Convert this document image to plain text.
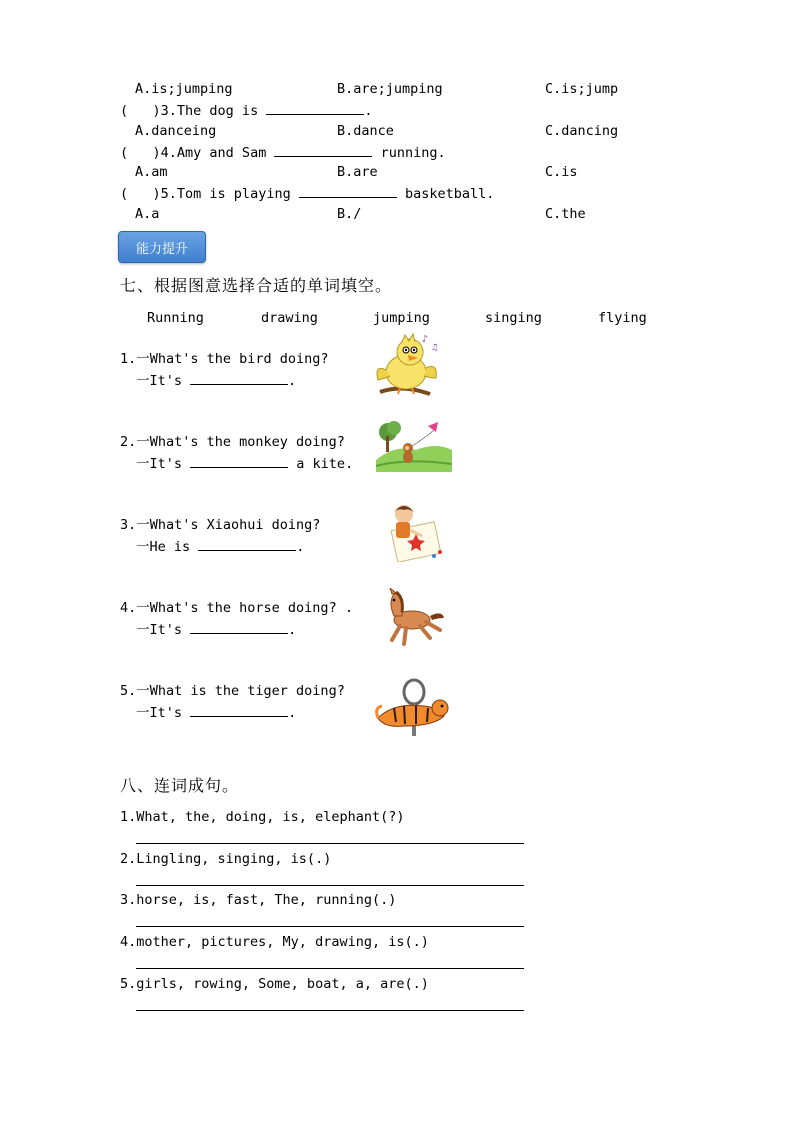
A.is;jumping	B.are;jumping	C.is;jump
( )3.The dog is	.
A.danceing	B.dance	C.dancing
( )4.Amy and Sam	running.
A.am	B.are	C.is
( )5.Tom is playing	basketball.
A.a	B./	C.the
能力提升
七、根据图意选择合适的单词填空。
Running	drawing	jumping	singing	flying
1.一What's the bird doing?
一It's	.
♪
♫
2.一What's the monkey doing?
一It's	a kite.
3.一What's Xiaohui doing?
一He is	.
4.一What's the horse doing? .
一It's	.
5.一What is the tiger doing?
一It's	.
八、连词成句。
1.What, the, doing, is, elephant(?)
2.Lingling, singing, is(.)
3.horse, is, fast, The, running(.)
4.mother, pictures, My, drawing, is(.)
5.girls, rowing, Some, boat, a, are(.)
